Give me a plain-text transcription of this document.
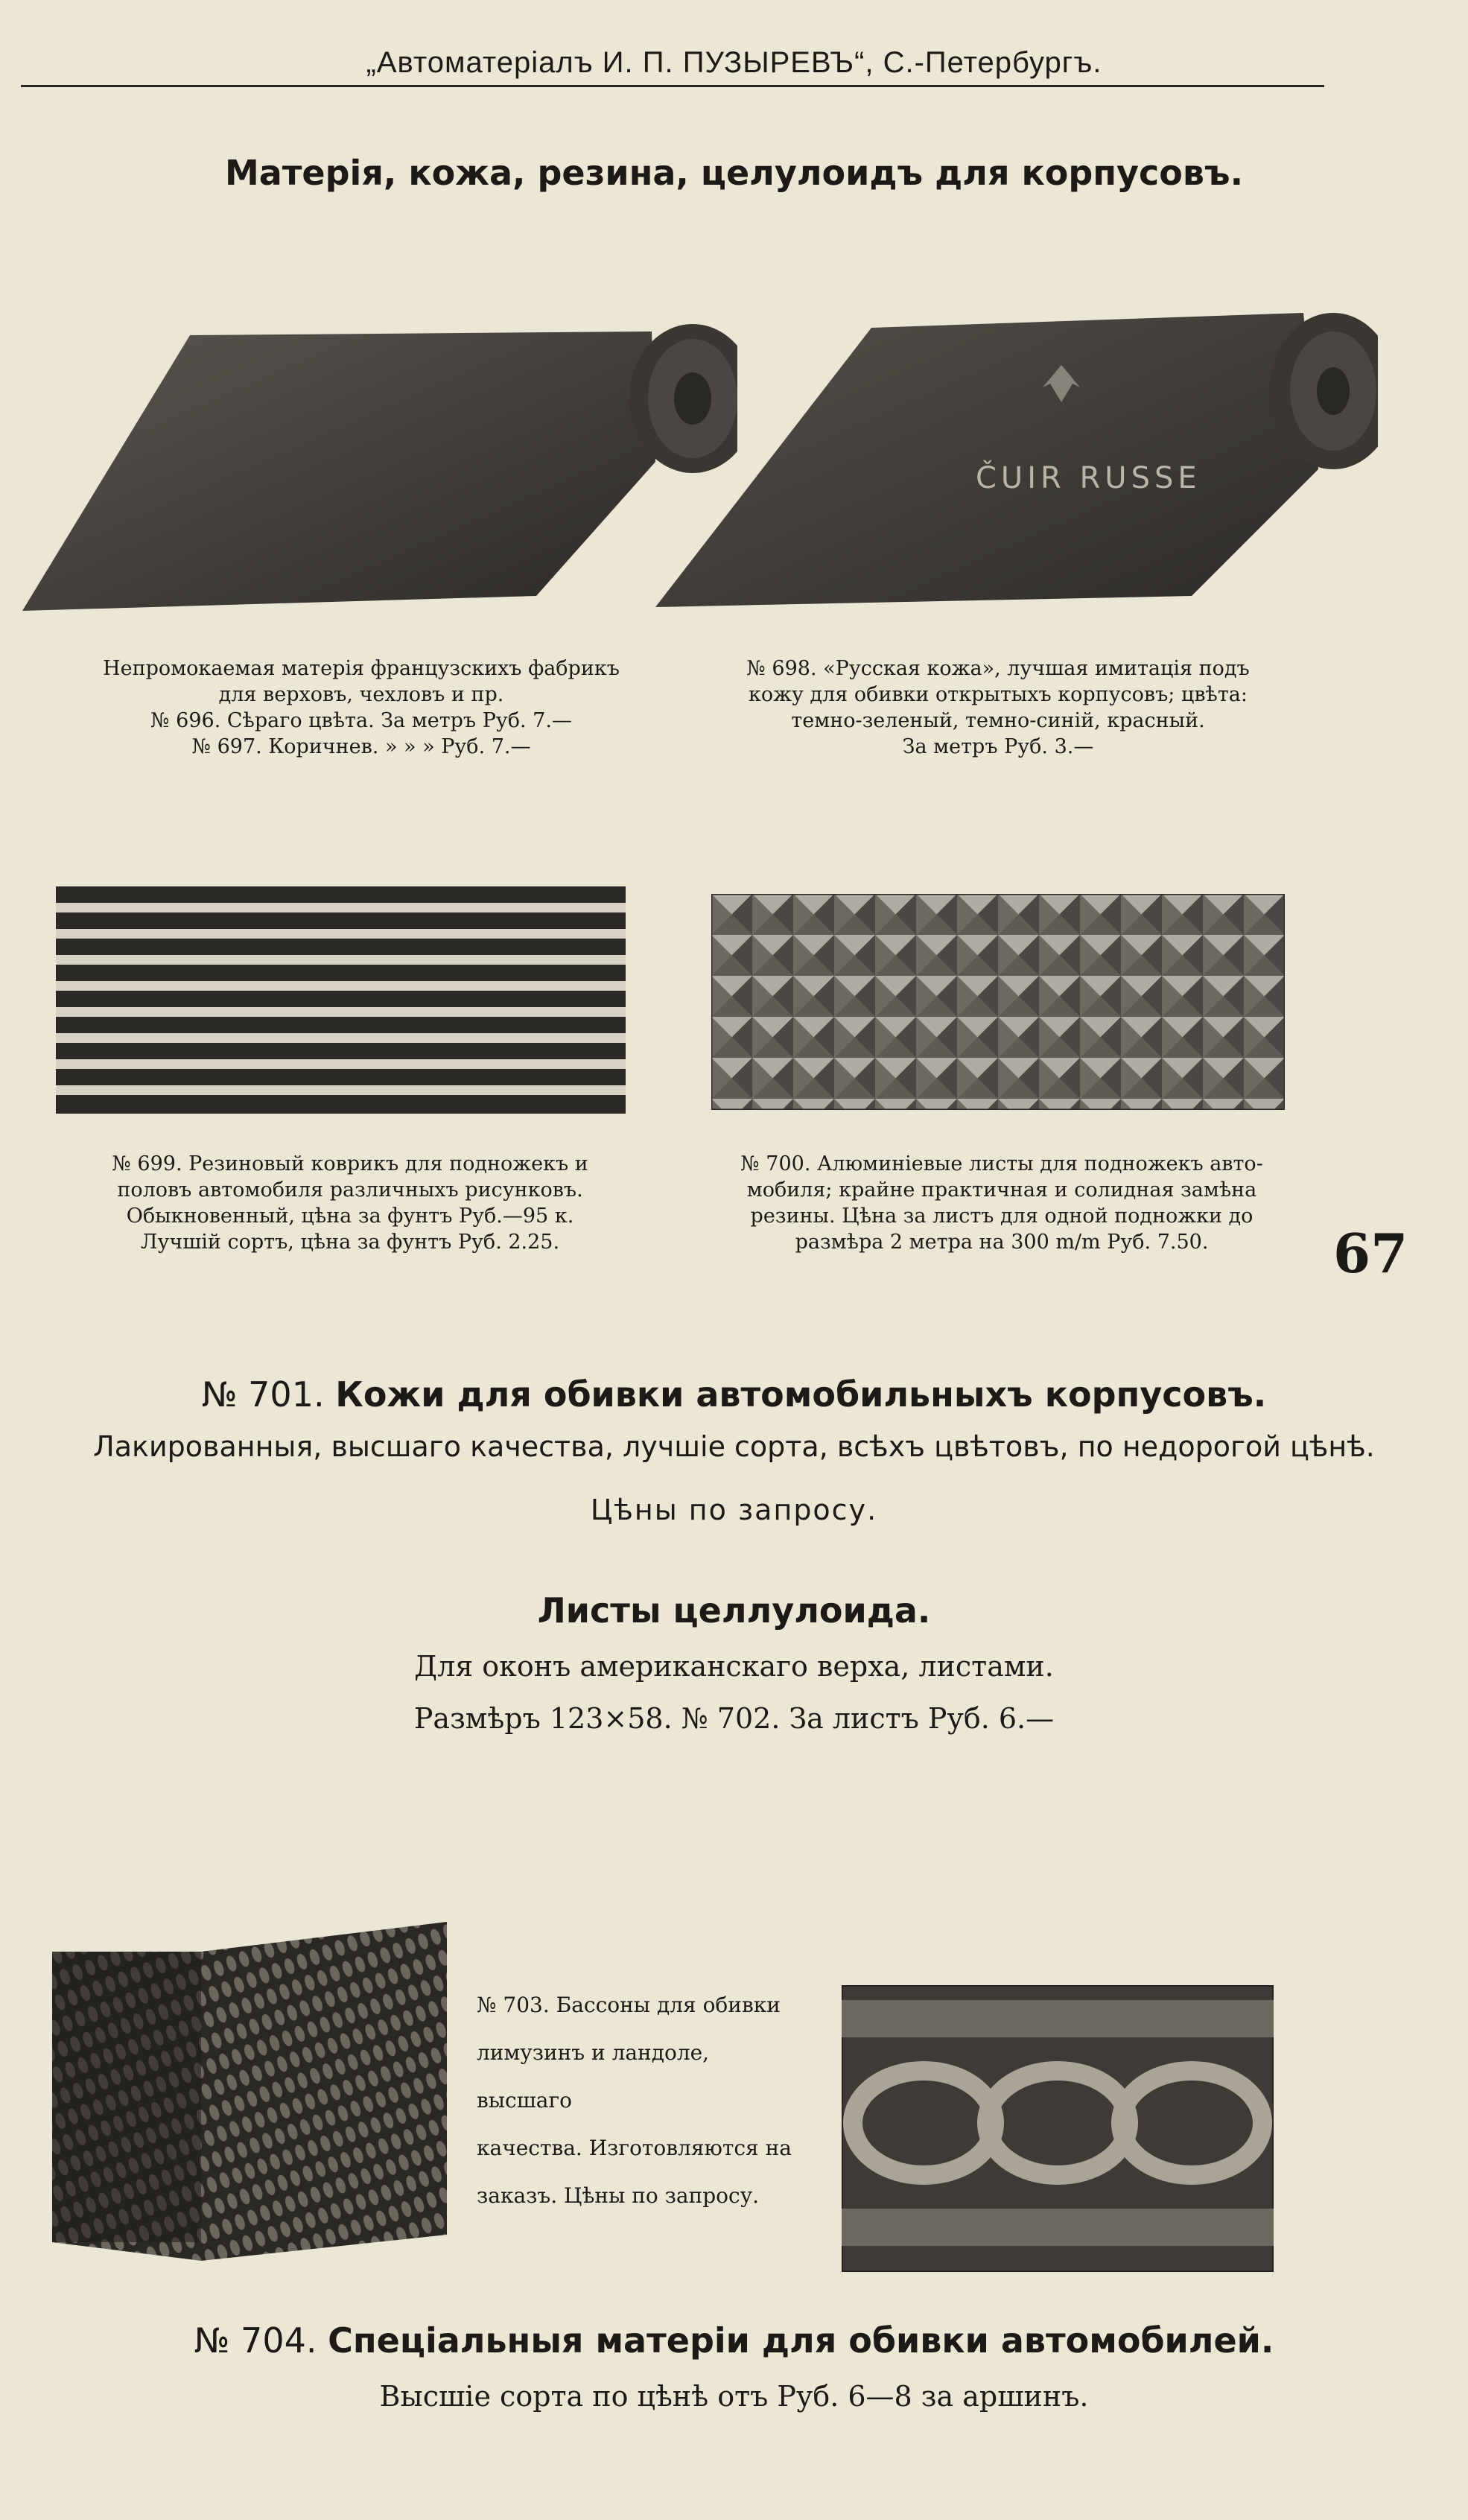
„Автоматеріалъ И. П. ПУЗЫРЕВЪ“, С.-Петербургъ.
Матерія, кожа, резина, целулоидъ для корпусовъ.
ČUIR RUSSE
Непромокаемая матерія французскихъ фабрикъ
для верховъ, чехловъ и пр.
№ 696. Сѣраго цвѣта. За метръ Руб. 7.—
№ 697. Коричнев. » » » Руб. 7.—
№ 698. «Русская кожа», лучшая имитація подъ
кожу для обивки открытыхъ корпусовъ; цвѣта:
темно-зеленый, темно-синій, красный.
За метръ Руб. 3.—
№ 699. Резиновый коврикъ для подножекъ и
половъ автомобиля различныхъ рисунковъ.
Обыкновенный, цѣна за фунтъ Руб.—95 к.
Лучшій сортъ, цѣна за фунтъ Руб. 2.25.
№ 700. Алюминіевые листы для подножекъ авто-
мобиля; крайне практичная и солидная замѣна
резины. Цѣна за листъ для одной подножки до
размѣра 2 метра на 300 m/m Руб. 7.50.	67
№ 701. Кожи для обивки автомобильныхъ корпусовъ.
Лакированныя, высшаго качества, лучшіе сорта, всѣхъ цвѣтовъ, по недорогой цѣнѣ.
Цѣны по запросу.
Листы целлулоида.
Для оконъ американскаго верха, листами.
Размѣръ 123×58. № 702. За листъ Руб. 6.—
№ 703. Бассоны для обивки
лимузинъ и ландоле, высшаго
качества. Изготовляются на
заказъ. Цѣны по запросу.
№ 704. Спеціальныя матеріи для обивки автомобилей.
Высшіе сорта по цѣнѣ отъ Руб. 6—8 за аршинъ.
